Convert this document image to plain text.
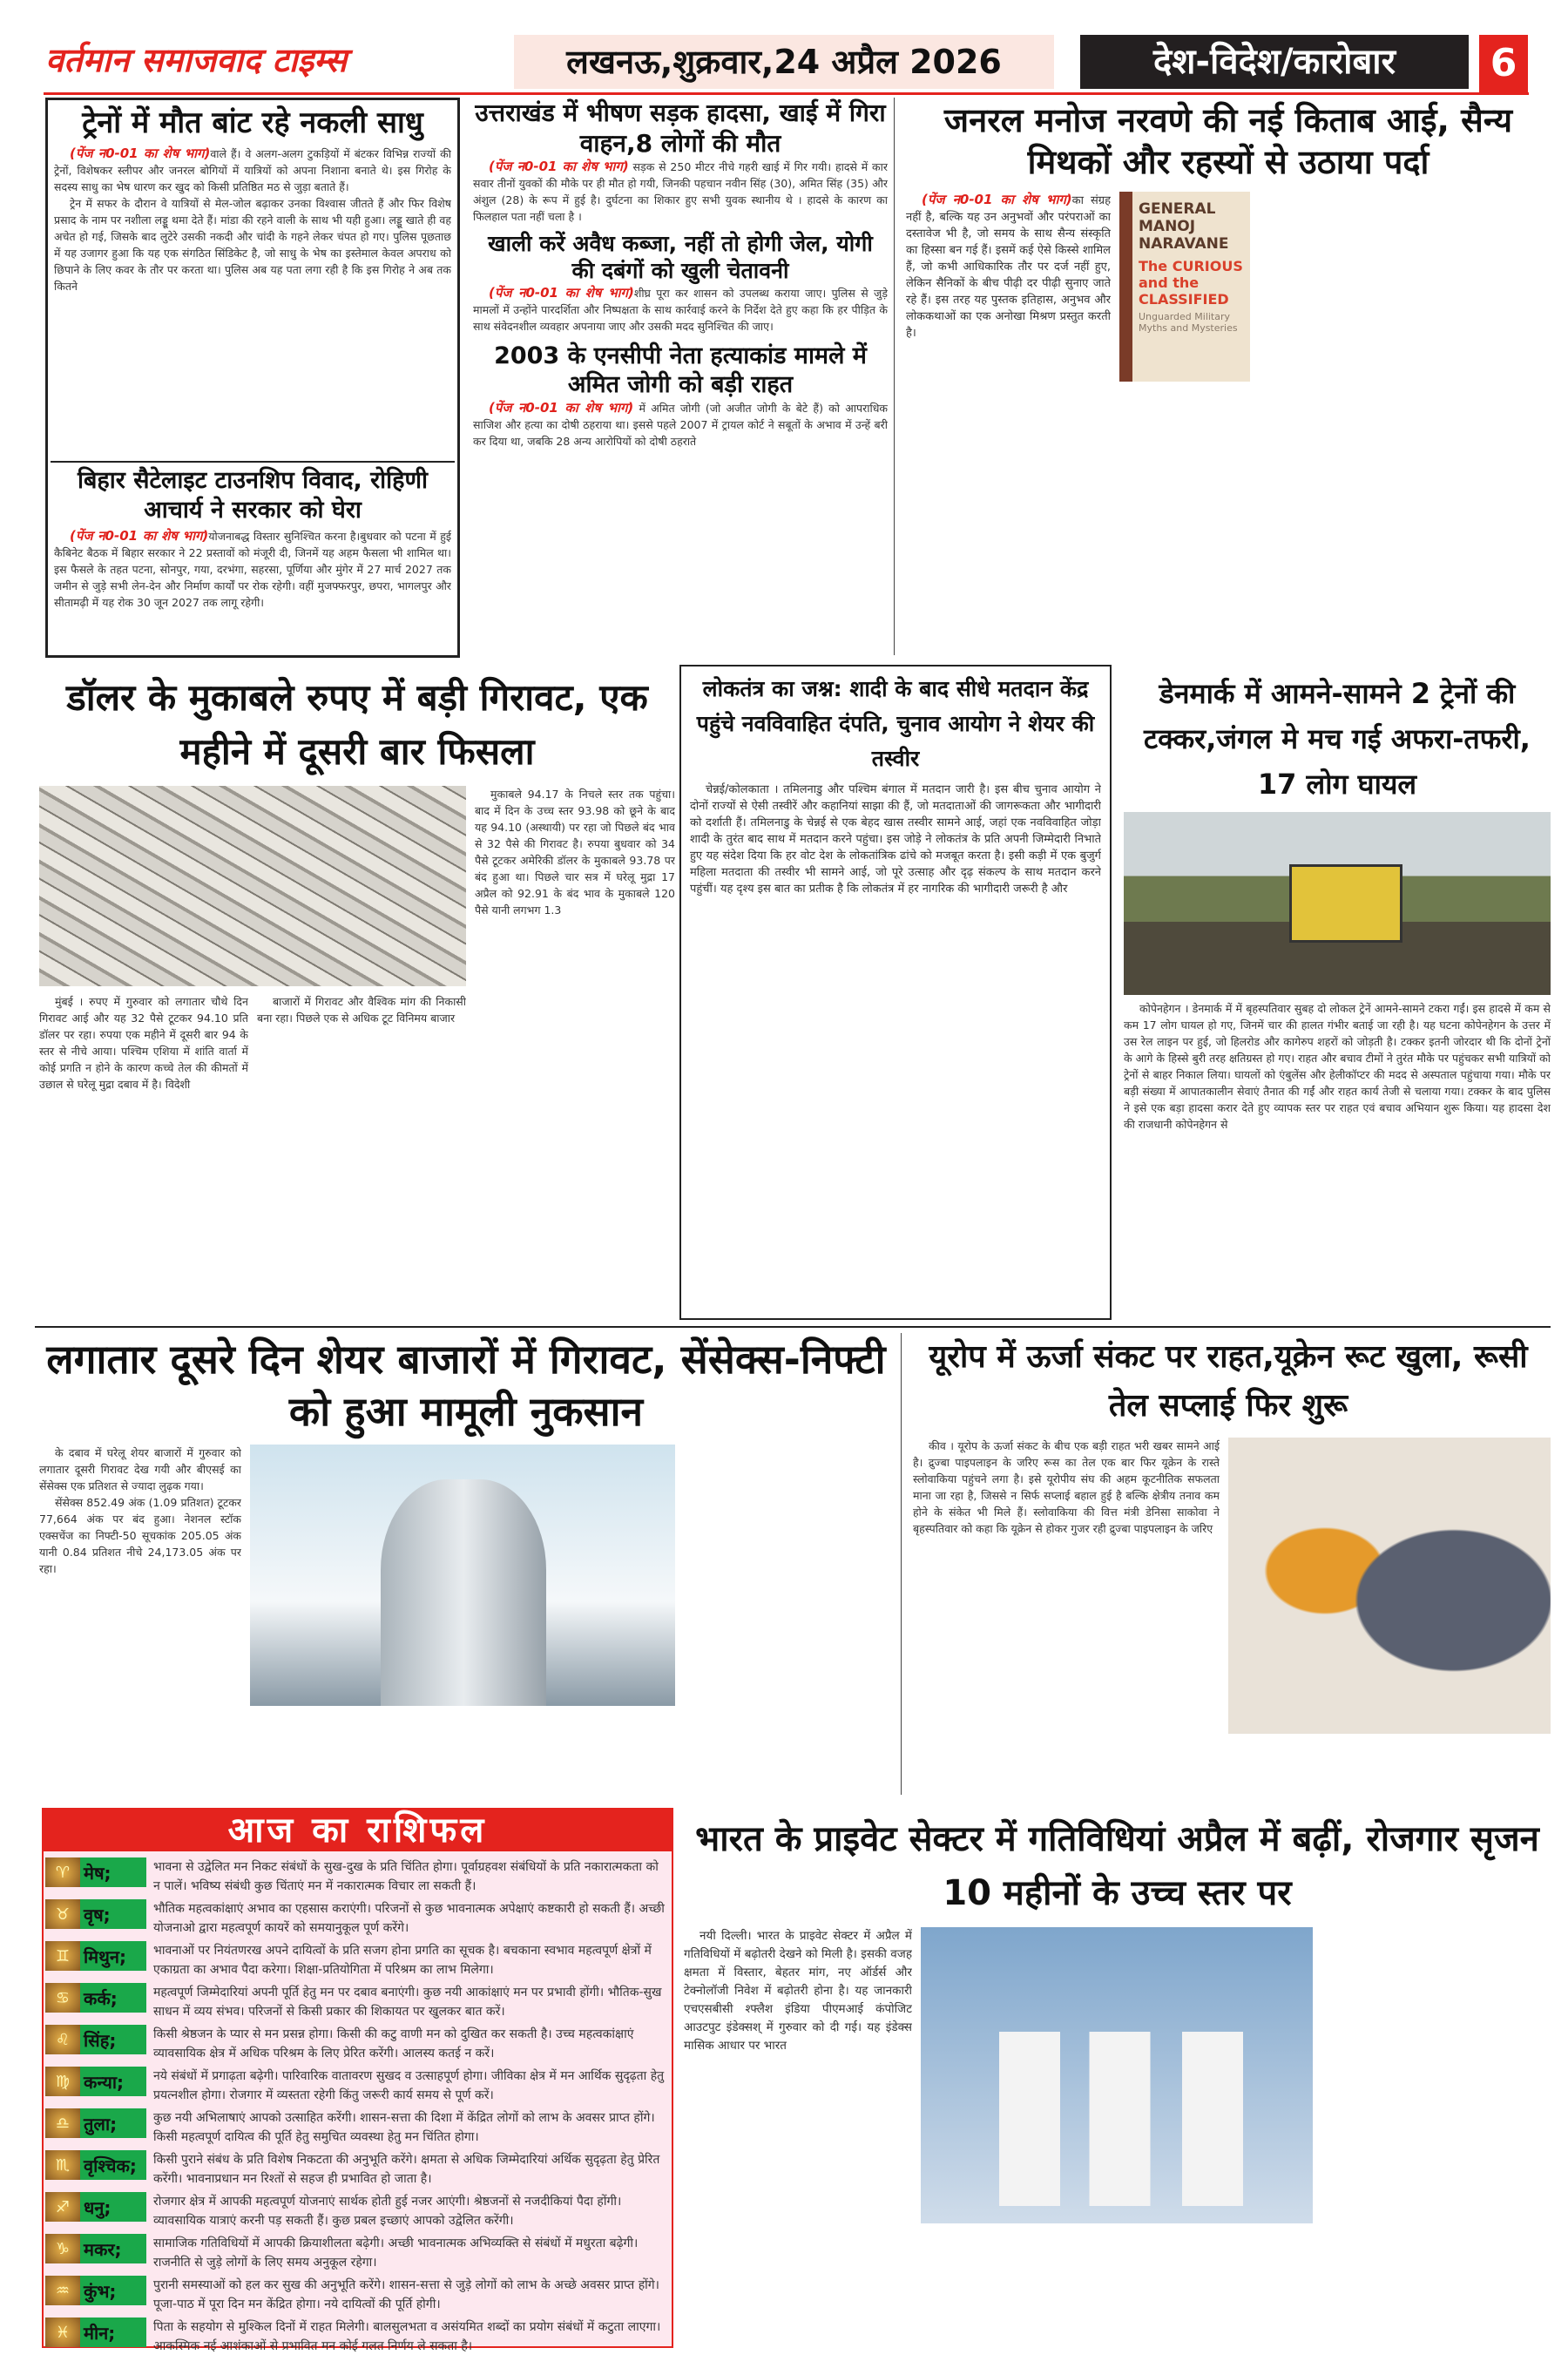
वर्तमान समाजवाद टाइम्स	लखनऊ,शुक्रवार,24 अप्रैल 2026	देश-विदेश/कारोबार	6
ट्रेनों में मौत बांट रहे नकली साधु

(पेंज न0-01 का शेष भाग)वाले हैं। वे अलग-अलग टुकड़ियों में बंटकर विभिन्न राज्यों की ट्रेनों, विशेषकर स्लीपर और जनरल बोगियों में यात्रियों को अपना निशाना बनाते थे। इस गिरोह के सदस्य साधु का भेष धारण कर खुद को किसी प्रतिष्ठित मठ से जुड़ा बताते हैं।

ट्रेन में सफर के दौरान वे यात्रियों से मेल-जोल बढ़ाकर उनका विश्वास जीतते हैं और फिर विशेष प्रसाद के नाम पर नशीला लड्डू थमा देते हैं। मांडा की रहने वाली के साथ भी यही हुआ। लड्डू खाते ही वह अचेत हो गई, जिसके बाद लुटेरे उसकी नकदी और चांदी के गहने लेकर चंपत हो गए। पुलिस पूछताछ में यह उजागर हुआ कि यह एक संगठित सिंडिकेट है, जो साधु के भेष का इस्तेमाल केवल अपराध को छिपाने के लिए कवर के तौर पर करता था। पुलिस अब यह पता लगा रही है कि इस गिरोह ने अब तक कितने

बिहार सैटेलाइट टाउनशिप विवाद, रोहिणी आचार्य ने सरकार को घेरा

(पेंज न0-01 का शेष भाग)योजनाबद्ध विस्तार सुनिश्चित करना है।बुधवार को पटना में हुई कैबिनेट बैठक में बिहार सरकार ने 22 प्रस्तावों को मंजूरी दी, जिनमें यह अहम फैसला भी शामिल था। इस फैसले के तहत पटना, सोनपुर, गया, दरभंगा, सहरसा, पूर्णिया और मुंगेर में 27 मार्च 2027 तक जमीन से जुड़े सभी लेन-देन और निर्माण कार्यों पर रोक रहेगी। वहीं मुजफ्फरपुर, छपरा, भागलपुर और सीतामढ़ी में यह रोक 30 जून 2027 तक लागू रहेगी।

उत्तराखंड में भीषण सड़क हादसा, खाई में गिरा वाहन,8 लोगों की मौत

(पेंज न0-01 का शेष भाग) सड़क से 250 मीटर नीचे गहरी खाई में गिर गयी। हादसे में कार सवार तीनों युवकों की मौके पर ही मौत हो गयी, जिनकी पहचान नवीन सिंह (30), अमित सिंह (35) और अंशुल (28) के रूप में हुई है। दुर्घटना का शिकार हुए सभी युवक स्थानीय थे । हादसे के कारण का फिलहाल पता नहीं चला है ।

खाली करें अवैध कब्जा, नहीं तो होगी जेल, योगी की दबंगों को खुली चेतावनी

(पेंज न0-01 का शेष भाग)शीघ्र पूरा कर शासन को उपलब्ध कराया जाए। पुलिस से जुड़े मामलों में उन्होंने पारदर्शिता और निष्पक्षता के साथ कार्रवाई करने के निर्देश देते हुए कहा कि हर पीड़ित के साथ संवेदनशील व्यवहार अपनाया जाए और उसकी मदद सुनिश्चित की जाए।

2003 के एनसीपी नेता हत्याकांड मामले में अमित जोगी को बड़ी राहत

(पेंज न0-01 का शेष भाग) में अमित जोगी (जो अजीत जोगी के बेटे हैं) को आपराधिक साजिश और हत्या का दोषी ठहराया था। इससे पहले 2007 में ट्रायल कोर्ट ने सबूतों के अभाव में उन्हें बरी कर दिया था, जबकि 28 अन्य आरोपियों को दोषी ठहराते

जनरल मनोज नरवणे की नई किताब आई, सैन्य मिथकों और रहस्यों से उठाया पर्दा

(पेंज न0-01 का शेष भाग)का संग्रह नहीं है, बल्कि यह उन अनुभवों और परंपराओं का दस्तावेज भी है, जो समय के साथ सैन्य संस्कृति का हिस्सा बन गई हैं। इसमें कई ऐसे किस्से शामिल हैं, जो कभी आधिकारिक तौर पर दर्ज नहीं हुए, लेकिन सैनिकों के बीच पीढ़ी दर पीढ़ी सुनाए जाते रहे हैं। इस तरह यह पुस्तक इतिहास, अनुभव और लोककथाओं का एक अनोखा मिश्रण प्रस्तुत करती है।

GENERAL MANOJ NARAVANE
The CURIOUS and the CLASSIFIED
Unguarded Military Myths and Mysteries
डॉलर के मुकाबले रुपए में बड़ी गिरावट, एक महीने में दूसरी बार फिसला

मुंबई । रुपए में गुरुवार को लगातार चौथे दिन गिरावट आई और यह 32 पैसे टूटकर 94.10 प्रति डॉलर पर रहा। रुपया एक महीने में दूसरी बार 94 के स्तर से नीचे आया। पश्चिम एशिया में शांति वार्ता में कोई प्रगति न होने के कारण कच्चे तेल की कीमतों में उछाल से घरेलू मुद्रा दबाव में है। विदेशी

बाजारों में गिरावट और वैश्विक मांग की निकासी बना रहा। पिछले एक से अधिक टूट विनिमय बाजार

मुकाबले 94.17 के निचले स्तर तक पहुंचा। बाद में दिन के उच्च स्तर 93.98 को छूने के बाद यह 94.10 (अस्थायी) पर रहा जो पिछले बंद भाव से 32 पैसे की गिरावट है। रुपया बुधवार को 34 पैसे टूटकर अमेरिकी डॉलर के मुकाबले 93.78 पर बंद हुआ था। पिछले चार सत्र में घरेलू मुद्रा 17 अप्रैल को 92.91 के बंद भाव के मुकाबले 120 पैसे यानी लगभग 1.3

लोकतंत्र का जश्न: शादी के बाद सीधे मतदान केंद्र पहुंचे नवविवाहित दंपति, चुनाव आयोग ने शेयर की तस्वीर

चेन्नई/कोलकाता । तमिलनाडु और पश्चिम बंगाल में मतदान जारी है। इस बीच चुनाव आयोग ने दोनों राज्यों से ऐसी तस्वीरें और कहानियां साझा की हैं, जो मतदाताओं की जागरूकता और भागीदारी को दर्शाती हैं। तमिलनाडु के चेन्नई से एक बेहद खास तस्वीर सामने आई, जहां एक नवविवाहित जोड़ा शादी के तुरंत बाद साथ में मतदान करने पहुंचा। इस जोड़े ने लोकतंत्र के प्रति अपनी जिम्मेदारी निभाते हुए यह संदेश दिया कि हर वोट देश के लोकतांत्रिक ढांचे को मजबूत करता है। इसी कड़ी में एक बुजुर्ग महिला मतदाता की तस्वीर भी सामने आई, जो पूरे उत्साह और दृढ़ संकल्प के साथ मतदान करने पहुंचीं। यह दृश्य इस बात का प्रतीक है कि लोकतंत्र में हर नागरिक की भागीदारी जरूरी है और

डेनमार्क में आमने-सामने 2 ट्रेनों की टक्कर,जंगल मे मच गई अफरा-तफरी, 17 लोग घायल

कोपेनहेगन । डेनमार्क में में बृहस्पतिवार सुबह दो लोकल ट्रेनें आमने-सामने टकरा गईं। इस हादसे में कम से कम 17 लोग घायल हो गए, जिनमें चार की हालत गंभीर बताई जा रही है। यह घटना कोपेनहेगन के उत्तर में उस रेल लाइन पर हुई, जो हिलरोड और कागेरुप शहरों को जोड़ती है। टक्कर इतनी जोरदार थी कि दोनों ट्रेनों के आगे के हिस्से बुरी तरह क्षतिग्रस्त हो गए। राहत और बचाव टीमों ने तुरंत मौके पर पहुंचकर सभी यात्रियों को ट्रेनों से बाहर निकाल लिया। घायलों को एंबुलेंस और हेलीकॉप्टर की मदद से अस्पताल पहुंचाया गया। मौके पर बड़ी संख्या में आपातकालीन सेवाएं तैनात की गईं और राहत कार्य तेजी से चलाया गया। टक्कर के बाद पुलिस ने इसे एक बड़ा हादसा करार देते हुए व्यापक स्तर पर राहत एवं बचाव अभियान शुरू किया। यह हादसा देश की राजधानी कोपेनहेगन से

लगातार दूसरे दिन शेयर बाजारों में गिरावट, सेंसेक्स-निफ्टी को हुआ मामूली नुकसान

के दबाव में घरेलू शेयर बाजारों में गुरुवार को लगातार दूसरी गिरावट देख गयी और बीएसई का सेंसेक्स एक प्रतिशत से ज्यादा लुढ़क गया।

सेंसेक्स 852.49 अंक (1.09 प्रतिशत) टूटकर 77,664 अंक पर बंद हुआ। नेशनल स्टॉक एक्सचेंज का निफ्टी-50 सूचकांक 205.05 अंक यानी 0.84 प्रतिशत नीचे 24,173.05 अंक पर रहा।

यूरोप में ऊर्जा संकट पर राहत,यूक्रेन रूट खुला, रूसी तेल सप्लाई फिर शुरू

कीव । यूरोप के ऊर्जा संकट के बीच एक बड़ी राहत भरी खबर सामने आई है। द्रुज्बा पाइपलाइन के जरिए रूस का तेल एक बार फिर यूक्रेन के रास्ते स्लोवाकिया पहुंचने लगा है। इसे यूरोपीय संघ की अहम कूटनीतिक सफलता माना जा रहा है, जिससे न सिर्फ सप्लाई बहाल हुई है बल्कि क्षेत्रीय तनाव कम होने के संकेत भी मिले हैं। स्लोवाकिया की वित्त मंत्री डेनिसा साकोवा ने बृहस्पतिवार को कहा कि यूक्रेन से होकर गुजर रही द्रुज्बा पाइपलाइन के जरिए

आज का राशिफल
♈ मेष;	भावना से उद्वेलित मन निकट संबंधों के सुख-दुख के प्रति चिंतित होगा। पूर्वाग्रहवश संबंधियों के प्रति नकारात्मकता को न पालें। भविष्य संबंधी कुछ चिंताएं मन में नकारात्मक विचार ला सकती हैं।
♉ वृष;	भौतिक महत्वकांक्षाएं अभाव का एहसास कराएंगी। परिजनों से कुछ भावनात्मक अपेक्षाएं कष्टकारी हो सकती हैं। अच्छी योजनाओ द्वारा महत्वपूर्ण कायरें को समयानुकूल पूर्ण करेंगे।
♊ मिथुन;	भावनाओं पर नियंतणरख अपने दायित्वों के प्रति सजग होना प्रगति का सूचक है। बचकाना स्वभाव महत्वपूर्ण क्षेत्रों में एकाग्रता का अभाव पैदा करेगा। शिक्षा-प्रतियोगिता में परिश्रम का लाभ मिलेगा।
♋ कर्क;	महत्वपूर्ण जिम्मेदारियां अपनी पूर्ति हेतु मन पर दबाव बनाएंगी। कुछ नयी आकांक्षाएं मन पर प्रभावी होंगी। भौतिक-सुख साधन में व्यय संभव। परिजनों से किसी प्रकार की शिकायत पर खुलकर बात करें।
♌ सिंह;	किसी श्रेष्ठजन के प्यार से मन प्रसन्न होगा। किसी की कटु वाणी मन को दुखित कर सकती है। उच्च महत्वकांक्षाएं व्यावसायिक क्षेत्र में अधिक परिश्रम के लिए प्रेरित करेंगी। आलस्य कतई न करें।
♍ कन्या;	नये संबंधों में प्रगाढ़ता बढ़ेगी। पारिवारिक वातावरण सुखद व उत्साहपूर्ण होगा। जीविका क्षेत्र में मन आर्थिक सुदृढ़ता हेतु प्रयत्नशील होगा। रोजगार में व्यस्तता रहेगी किंतु जरूरी कार्य समय से पूर्ण करें।
♎ तुला;	कुछ नयी अभिलाषाएं आपको उत्साहित करेंगी। शासन-सत्ता की दिशा में केंद्रित लोगों को लाभ के अवसर प्राप्त होंगे। किसी महत्वपूर्ण दायित्व की पूर्ति हेतु समुचित व्यवस्था हेतु मन चिंतित होगा।
♏ वृश्चिक;	किसी पुराने संबंध के प्रति विशेष निकटता की अनुभूति करेंगे। क्षमता से अधिक जिम्मेदारियां अर्थिक सुदृढ़ता हेतु प्रेरित करेंगी। भावनाप्रधान मन रिश्तों से सहज ही प्रभावित हो जाता है।
♐ धनु;	रोजगार क्षेत्र में आपकी महत्वपूर्ण योजनाएं सार्थक होती हुई नजर आएंगी। श्रेष्ठजनों से नजदीकियां पैदा होंगी। व्यावसायिक यात्राएं करनी पड़ सकती हैं। कुछ प्रबल इच्छाएं आपको उद्वेलित करेंगी।
♑ मकर;	सामाजिक गतिविधियों में आपकी क्रियाशीलता बढ़ेगी। अच्छी भावनात्मक अभिव्यक्ति से संबंधों में मधुरता बढ़ेगी। राजनीति से जुड़े लोगों के लिए समय अनुकूल रहेगा।
♒ कुंभ;	पुरानी समस्याओं को हल कर सुख की अनुभूति करेंगे। शासन-सत्ता से जुड़े लोगों को लाभ के अच्छे अवसर प्राप्त होंगे। पूजा-पाठ में पूरा दिन मन केंद्रित होगा। नये दायित्वों की पूर्ति होगी।
♓ मीन;	पिता के सहयोग से मुश्किल दिनों में राहत मिलेगी। बालसुलभता व असंयमित शब्दों का प्रयोग संबंधों में कटुता लाएगा। आकस्मिक नई आशंकाओं से प्रभावित मन कोई गलत निर्णय ले सकता है।
भारत के प्राइवेट सेक्टर में गतिविधियां अप्रैल में बढ़ीं, रोजगार सृजन 10 महीनों के उच्च स्तर पर

नयी दिल्ली। भारत के प्राइवेट सेक्टर में अप्रैल में गतिविधियों में बढ़ोतरी देखने को मिली है। इसकी वजह क्षमता में विस्तार, बेहतर मांग, नए ऑर्डर्स और टेक्नोलॉजी निवेश में बढ़ोतरी होना है। यह जानकारी एचएसबीसी श्फ्लैश इंडिया पीएमआई कंपोजिट आउटपुट इंडेक्सश् में गुरुवार को दी गई। यह इंडेक्स मासिक आधार पर भारत
